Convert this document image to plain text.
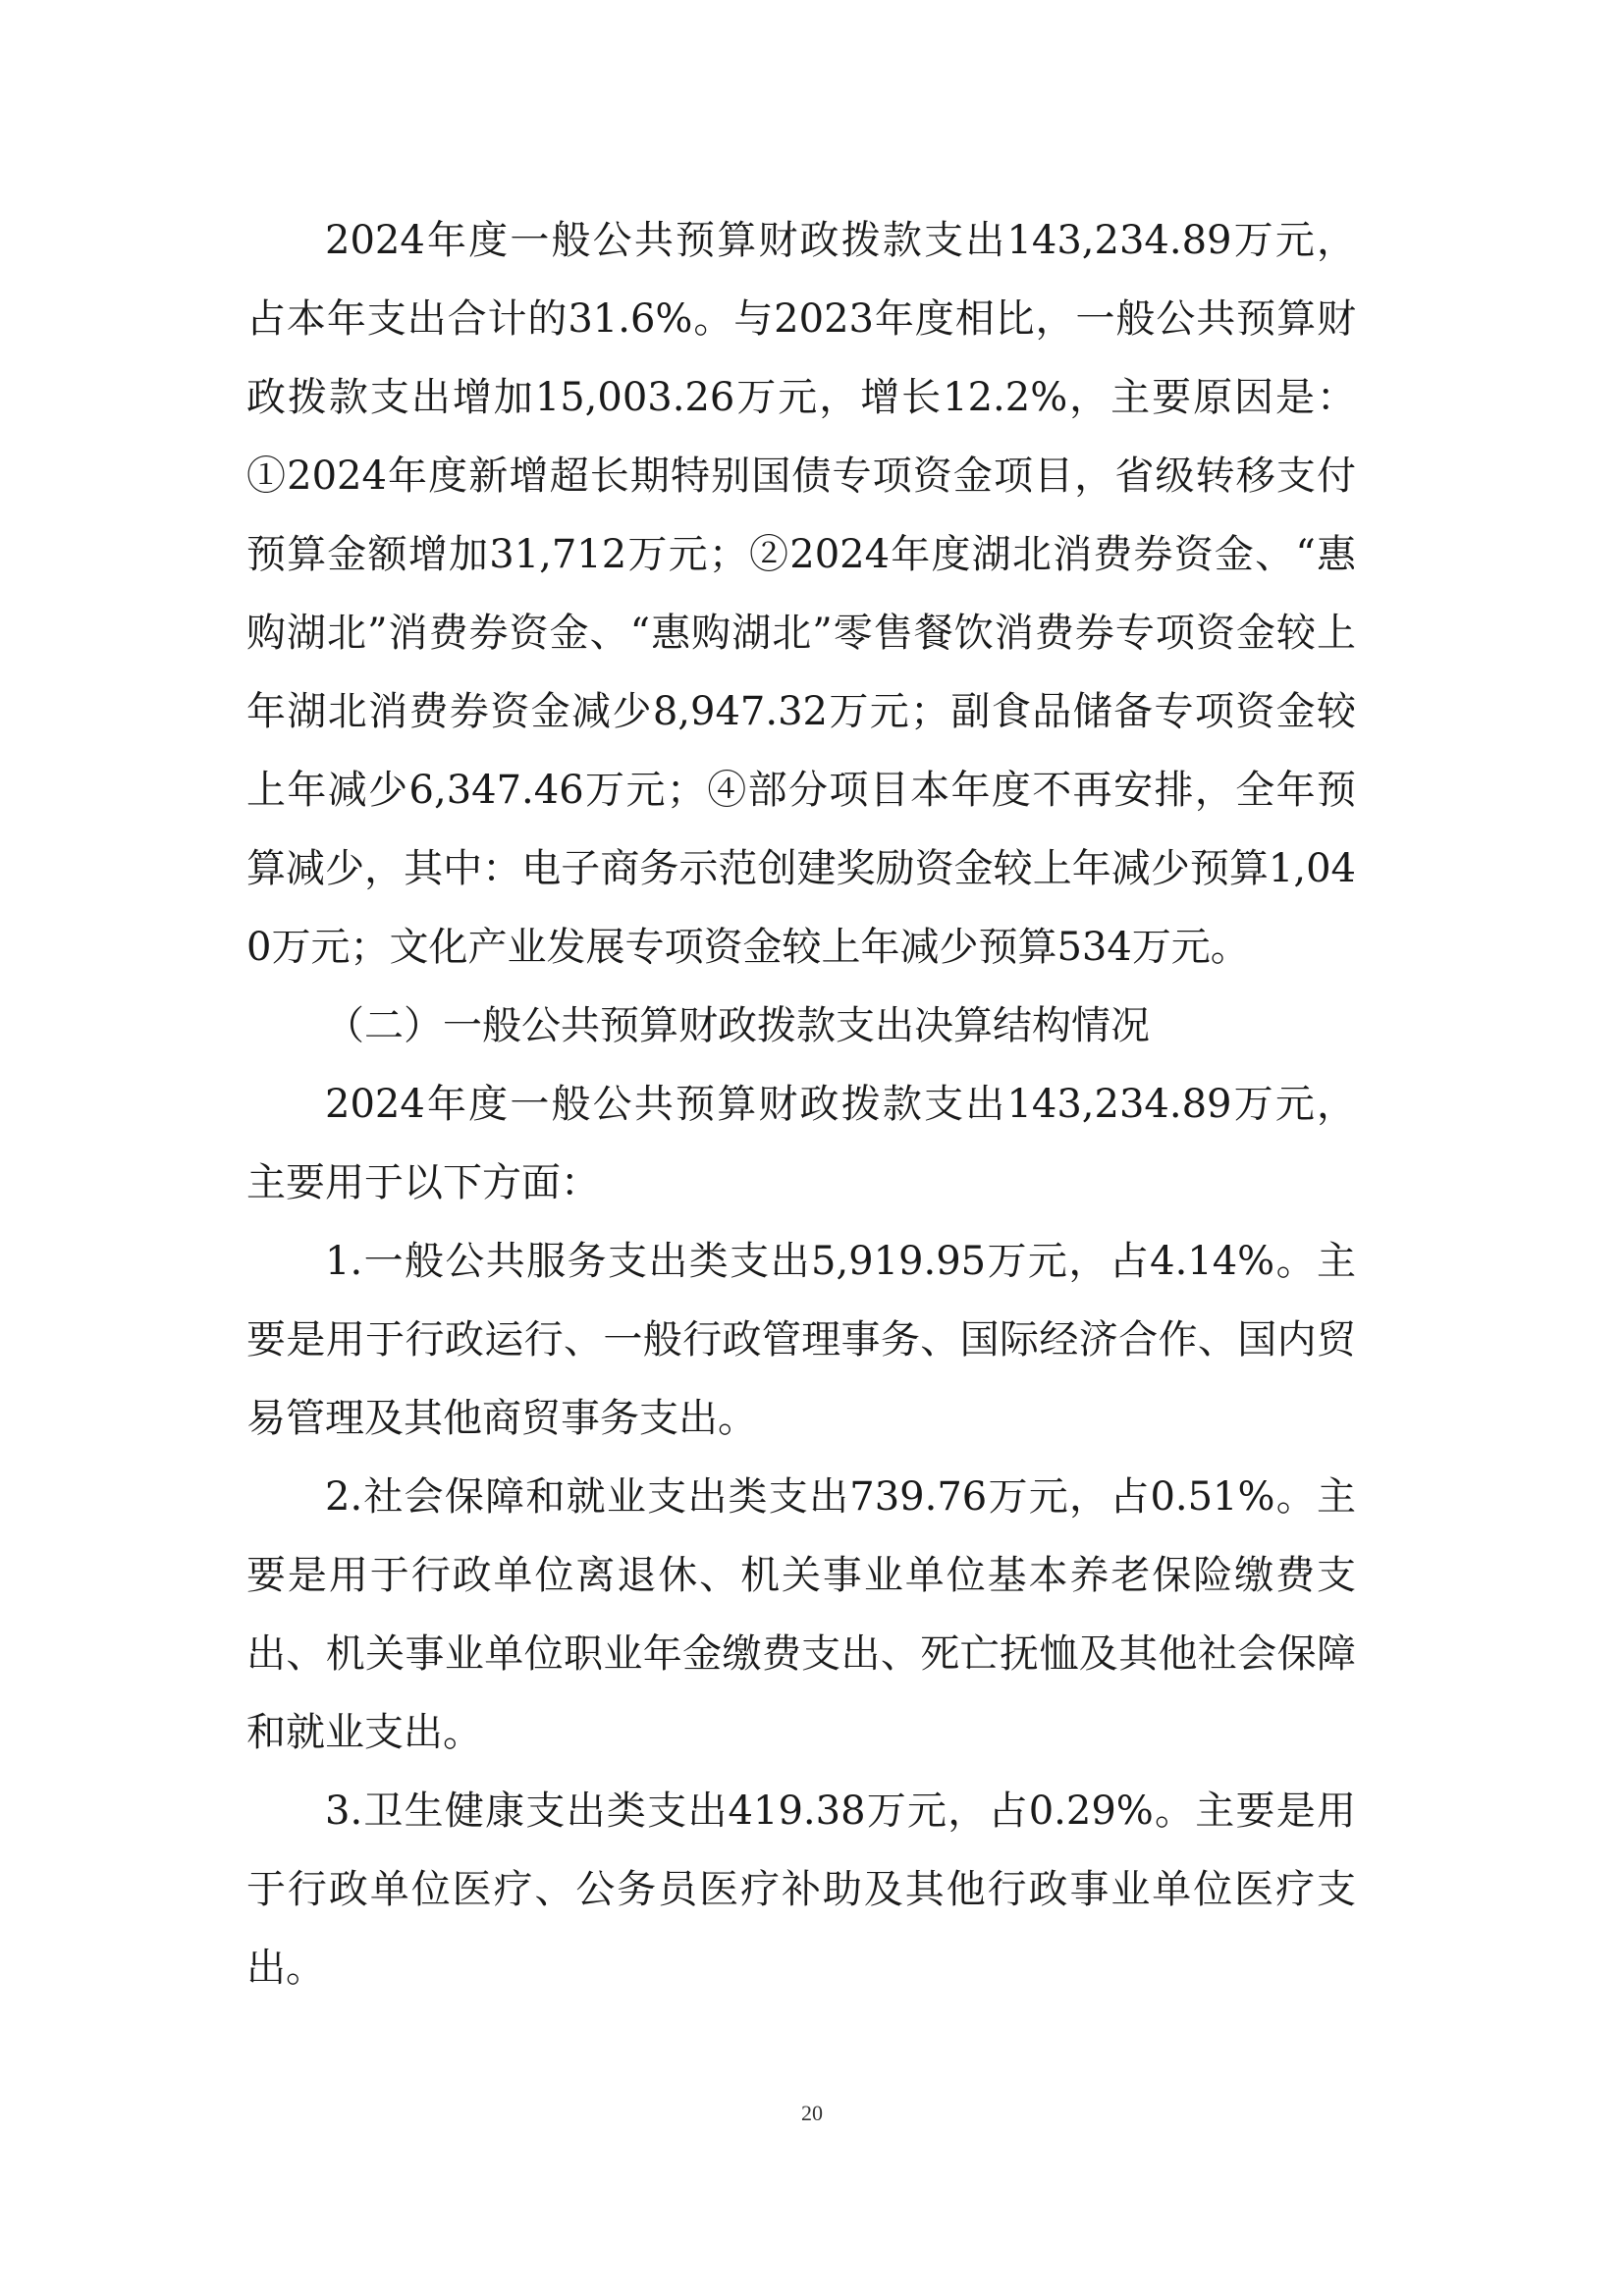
2024年度一般公共预算财政拨款支出143,234.89万元，占本年支出合计的31.6%。与2023年度相比，一般公共预算财政拨款支出增加15,003.26万元，增长12.2%，主要原因是：①2024年度新增超长期特别国债专项资金项目，省级转移支付预算金额增加31,712万元；②2024年度湖北消费券资金、“惠购湖北”消费券资金、“惠购湖北”零售餐饮消费券专项资金较上年湖北消费券资金减少8,947.32万元；副食品储备专项资金较上年减少6,347.46万元；④部分项目本年度不再安排，全年预算减少，其中：电子商务示范创建奖励资金较上年减少预算1,040万元；文化产业发展专项资金较上年减少预算534万元。

（二）一般公共预算财政拨款支出决算结构情况

2024年度一般公共预算财政拨款支出143,234.89万元，主要用于以下方面：

1.一般公共服务支出类支出5,919.95万元，占4.14%。主要是用于行政运行、一般行政管理事务、国际经济合作、国内贸易管理及其他商贸事务支出。

2.社会保障和就业支出类支出739.76万元，占0.51%。主要是用于行政单位离退休、机关事业单位基本养老保险缴费支出、机关事业单位职业年金缴费支出、死亡抚恤及其他社会保障和就业支出。

3.卫生健康支出类支出419.38万元，占0.29%。主要是用于行政单位医疗、公务员医疗补助及其他行政事业单位医疗支出。

20
